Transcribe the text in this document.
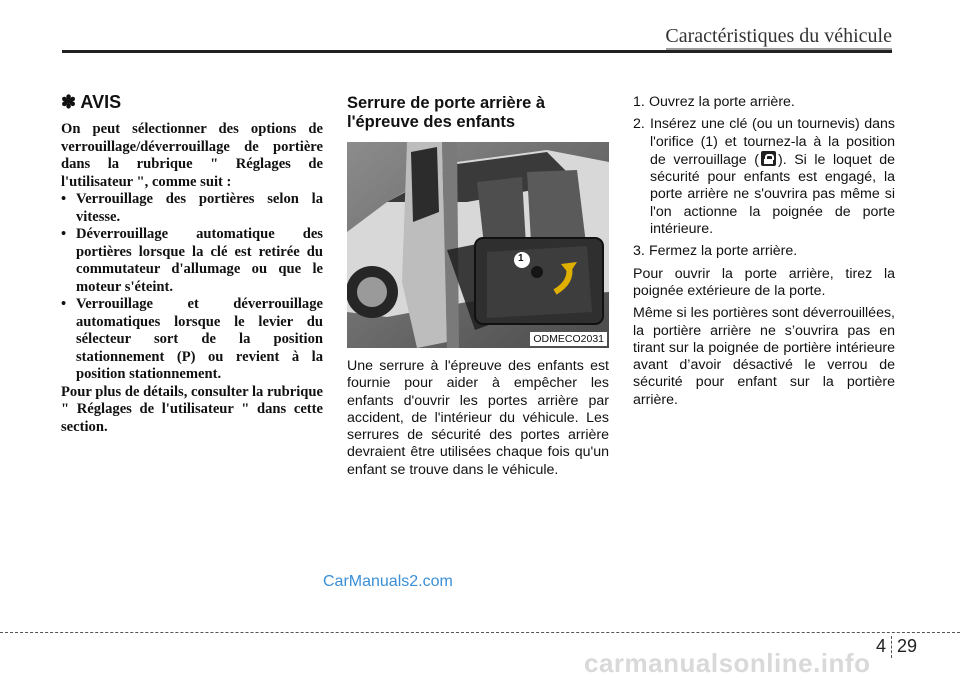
Caractéristiques du véhicule
✽ AVIS

On peut sélectionner des options de verrouillage/déverrouillage de portière dans la rubrique " Réglages de l'utilisateur ", comme suit :

• Verrouillage des portières selon la vitesse.
• Déverrouillage automatique des portières lorsque la clé est retirée du commutateur d'allumage ou que le moteur s'éteint.
• Verrouillage et déverrouillage automatiques lorsque le levier du sélecteur sort de la position stationnement (P) ou revient à la position stationnement.

Pour plus de détails, consulter la rubrique " Réglages de l'utilisateur " dans cette section.

Serrure de porte arrière à l'épreuve des enfants
1
ODMECO2031

Une serrure à l'épreuve des enfants est fournie pour aider à empêcher les enfants d'ouvrir les portes arrière par accident, de l'intérieur du véhicule. Les serrures de sécurité des portes arrière devraient être utilisées chaque fois qu'un enfant se trouve dans le véhicule.

1. Ouvrez la porte arrière.
2. Insérez une clé (ou un tournevis) dans l'orifice (1) et tournez-la à la position de verrouillage ( ). Si le loquet de sécurité pour enfants est engagé, la porte arrière ne s'ouvrira pas même si l'on actionne la poignée de porte intérieure.
3. Fermez la porte arrière.

Pour ouvrir la porte arrière, tirez la poignée extérieure de la porte.

Même si les portières sont déverrouillées, la portière arrière ne s’ouvrira pas en tirant sur la poignée de portière intérieure avant d’avoir désactivé le verrou de sécurité pour enfant sur la portière arrière.

CarManuals2.com
4 29
carmanualsonline.info
